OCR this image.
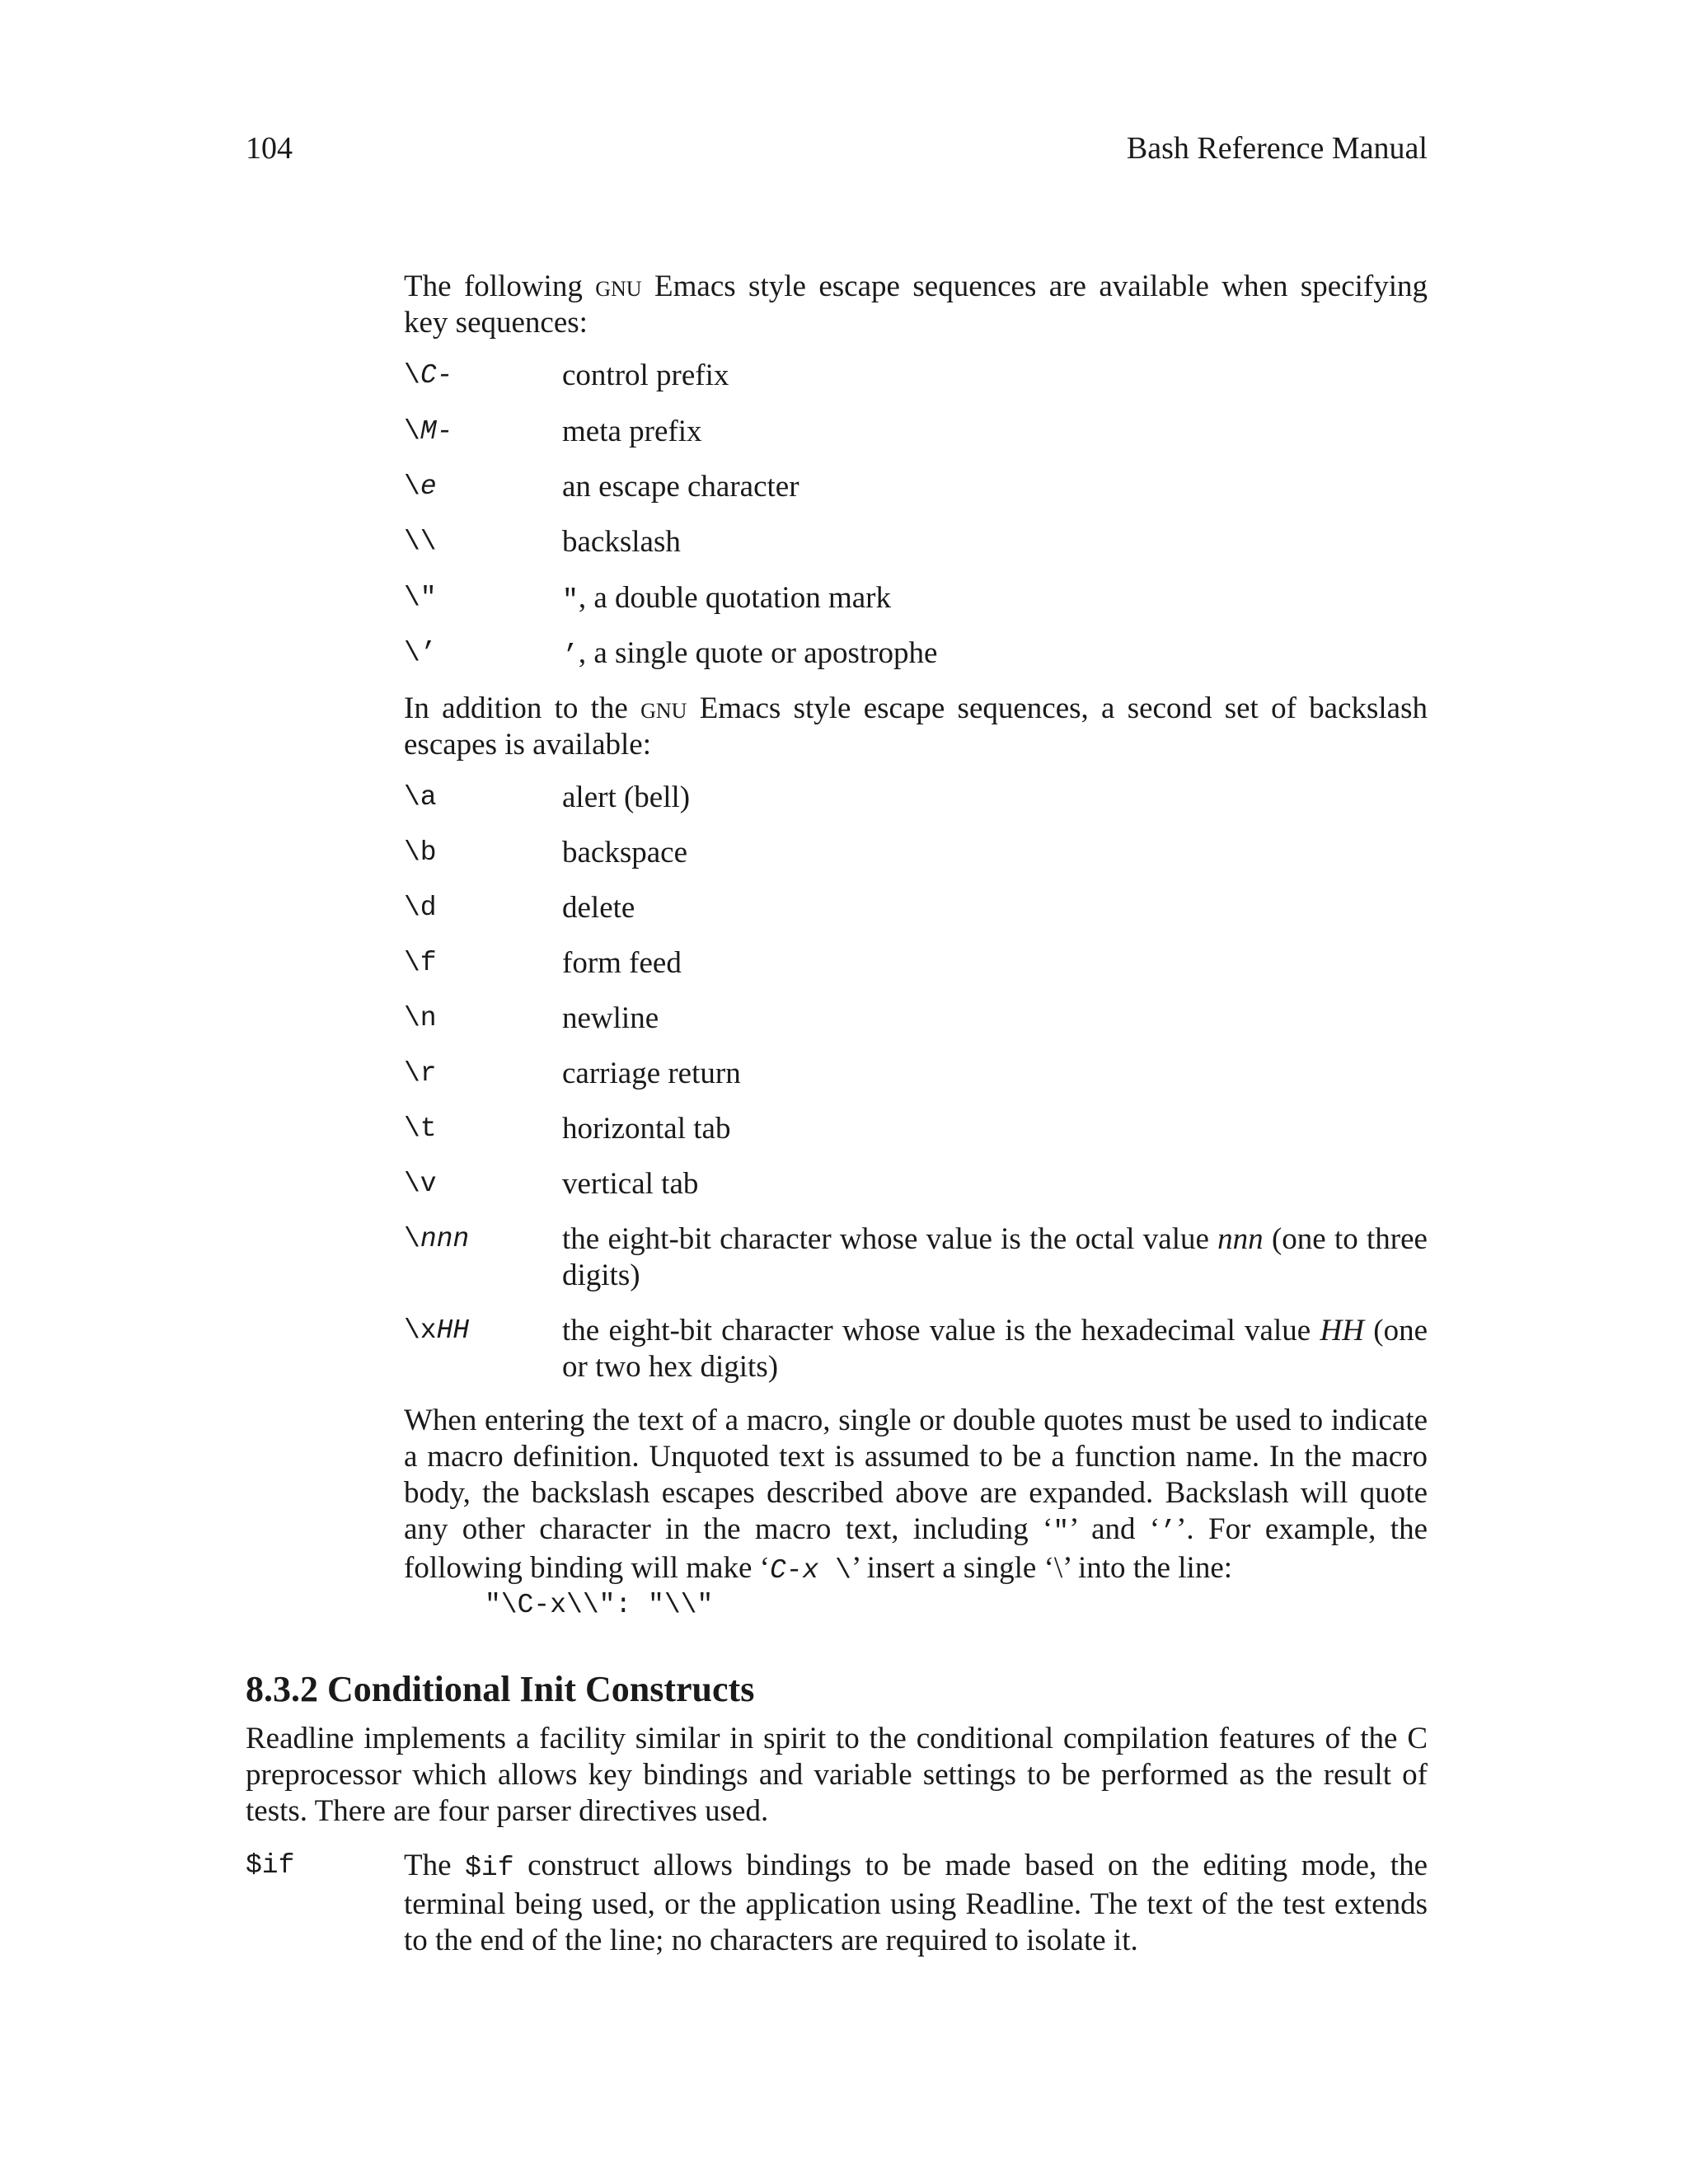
104	Bash Reference Manual
The following gnu Emacs style escape sequences are available when specifying key sequences:
\C-	control prefix
\M-	meta prefix
\e	an escape character
\\	backslash
\"	", a double quotation mark
\’	’, a single quote or apostrophe
In addition to the gnu Emacs style escape sequences, a second set of backslash escapes is available:
\a	alert (bell)
\b	backspace
\d	delete
\f	form feed
\n	newline
\r	carriage return
\t	horizontal tab
\v	vertical tab
\nnn	the eight-bit character whose value is the octal value nnn (one to three digits)
\xHH	the eight-bit character whose value is the hexadecimal value HH (one or two hex digits)
When entering the text of a macro, single or double quotes must be used to indicate a macro definition. Unquoted text is assumed to be a function name. In the macro body, the backslash escapes described above are expanded. Backslash will quote any other character in the macro text, including ‘"’ and ‘’’. For example, the following binding will make ‘C-x \’ insert a single ‘\’ into the line:
"\C-x\\": "\\"
8.3.2 Conditional Init Constructs
Readline implements a facility similar in spirit to the conditional compilation features of the C preprocessor which allows key bindings and variable settings to be performed as the result of tests. There are four parser directives used.
$if	The $if construct allows bindings to be made based on the editing mode, the terminal being used, or the application using Readline. The text of the test extends to the end of the line; no characters are required to isolate it.
